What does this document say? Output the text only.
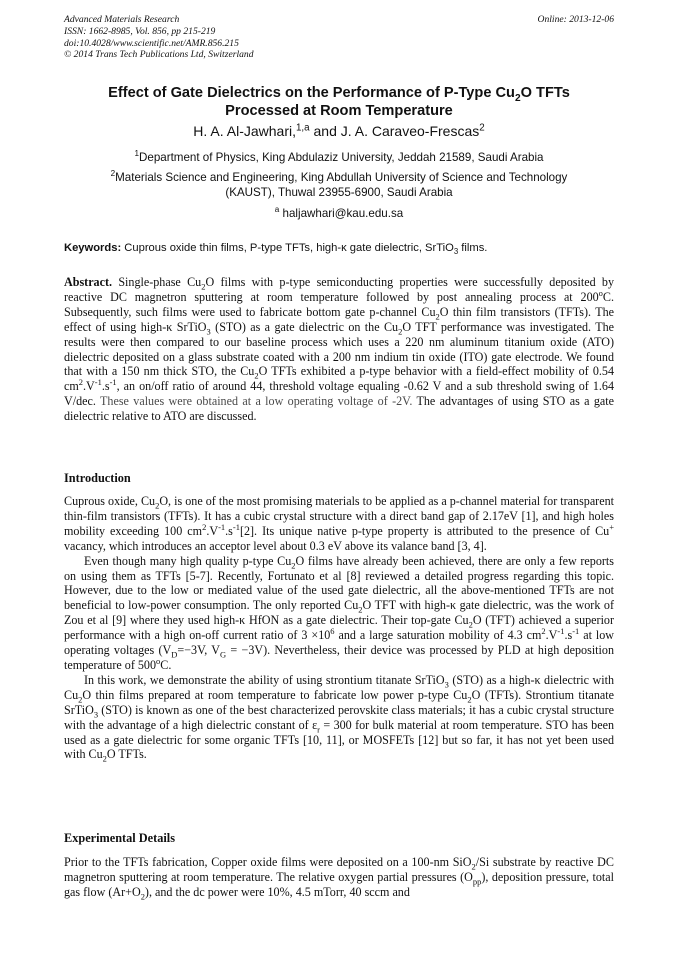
Advanced Materials Research
ISSN: 1662-8985, Vol. 856, pp 215-219
doi:10.4028/www.scientific.net/AMR.856.215
© 2014 Trans Tech Publications Ltd, Switzerland
Online: 2013-12-06
Effect of Gate Dielectrics on the Performance of P-Type $Cu_2O$ TFTs
Processed at Room Temperature
H. A. Al-Jawhari,$^{1,a}$ and J. A. Caraveo-Frescas$^2$
$^1$Department of Physics, King Abdulaziz University, Jeddah 21589, Saudi Arabia
$^2$Materials Science and Engineering, King Abdullah University of Science and Technology
(KAUST), Thuwal 23955-6900, Saudi Arabia
$^a$ haljawhari@kau.edu.sa
Keywords: Cuprous oxide thin films, P-type TFTs, high-κ gate dielectric, SrTiO$_3$ films.

Abstract. Single-phase $Cu_2O$ films with p-type semiconducting properties were successfully deposited by reactive DC magnetron sputtering at room temperature followed by post annealing process at 200$^o$C. Subsequently, such films were used to fabricate bottom gate p-channel $Cu_2O$ thin film transistors (TFTs). The effect of using high-κ SrTiO$_3$ (STO) as a gate dielectric on the $Cu_2O$ TFT performance was investigated. The results were then compared to our baseline process which uses a 220 nm aluminum titanium oxide (ATO) dielectric deposited on a glass substrate coated with a 200 nm indium tin oxide (ITO) gate electrode. We found that with a 150 nm thick STO, the $Cu_2O$ TFTs exhibited a p-type behavior with a field-effect mobility of 0.54 $cm^2.V^{-1}.s^{-1}$, an on/off ratio of around 44, threshold voltage equaling -0.62 V and a sub threshold swing of 1.64 V/dec. These values were obtained at a low operating voltage of -2V. The advantages of using STO as a gate dielectric relative to ATO are discussed.

Introduction

Cuprous oxide, $Cu_2O$, is one of the most promising materials to be applied as a p-channel material for transparent thin-film transistors (TFTs). It has a cubic crystal structure with a direct band gap of 2.17eV [1], and high holes mobility exceeding 100 $cm^2.V^{-1}.s^{-1}[2]$. Its unique native p-type property is attributed to the presence of Cu+ vacancy, which introduces an acceptor level about 0.3 eV above its valance band [3, 4].

Even though many high quality p-type $Cu_2O$ films have already been achieved, there are only a few reports on using them as TFTs [5-7]. Recently, Fortunato et al [8] reviewed a detailed progress regarding this topic. However, due to the low or mediated value of the used gate dielectric, all the above-mentioned TFTs are not beneficial to low-power consumption. The only reported $Cu_2O$ TFT with high-κ gate dielectric, was the work of Zou et al [9] where they used high-κ HfON as a gate dielectric. Their top-gate $Cu_2O$ (TFT) achieved a superior performance with a high on-off current ratio of $3 \times 10^6$ and a large saturation mobility of 4.3 $cm^2.V^{-1}.s^{-1}$ at low operating voltages ($V_D=-3V$, $V_G = -3V$). Nevertheless, their device was processed by PLD at high deposition temperature of 500$^o$C.

In this work, we demonstrate the ability of using strontium titanate SrTiO$_3$ (STO) as a high-κ dielectric with $Cu_2O$ thin films prepared at room temperature to fabricate low power p-type $Cu_2O$ (TFTs). Strontium titanate SrTiO$_3$ (STO) is known as one of the best characterized perovskite class materials; it has a cubic crystal structure with the advantage of a high dielectric constant of $\varepsilon_r = 300$ for bulk material at room temperature. STO has been used as a gate dielectric for some organic TFTs [10, 11], or MOSFETs [12] but so far, it has not yet been used with $Cu_2O$ TFTs.

Experimental Details

Prior to the TFTs fabrication, Copper oxide films were deposited on a 100-nm SiO$_2$/Si substrate by reactive DC magnetron sputtering at room temperature. The relative oxygen partial pressures $(O_{pp})$, deposition pressure, total gas flow $(Ar+O_2)$, and the dc power were 10%, 4.5 mTorr, 40 sccm and
